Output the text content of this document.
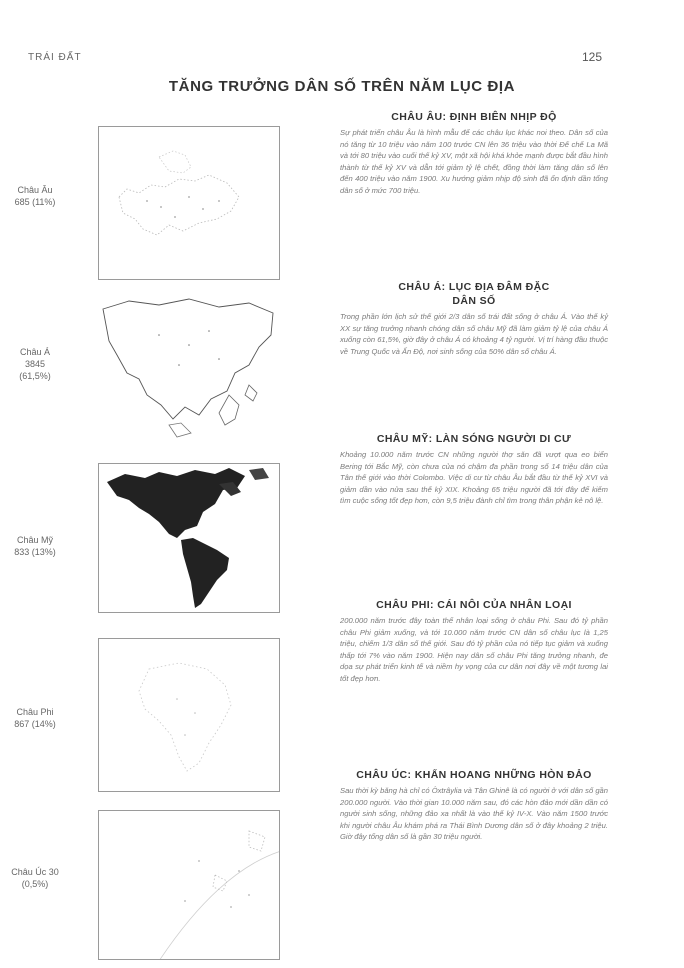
TRÁI ĐẤT	125
TĂNG TRƯỞNG DÂN SỐ TRÊN NĂM LỤC ĐỊA
Châu Âu
685 (11%)
Châu Á
3845
(61,5%)
Châu Mỹ
833 (13%)
Châu Phi
867 (14%)
Châu Úc 30
(0,5%)
CHÂU ÂU: ĐỊNH BIÊN NHỊP ĐỘ
Sự phát triển châu Âu là hình mẫu để các châu lục khác noi theo. Dân số của nó tăng từ 10 triệu vào năm 100 trước CN lên 36 triệu vào thời Đế chế La Mã và tới 80 triệu vào cuối thế kỷ XV, một xã hội khá khỏe mạnh được bắt đầu hình thành từ thế kỷ XV và dẫn tới giảm tỷ lệ chết, đồng thời làm tăng dân số lên đến 400 triệu vào năm 1900. Xu hướng giảm nhịp độ sinh đã ổn định dần tổng dân số ở mức 700 triệu.
CHÂU Á: LỤC ĐỊA ĐÂM ĐẶC
DÂN SỐ
Trong phần lớn lịch sử thế giới 2/3 dân số trái đất sống ở châu Á. Vào thế kỷ XX sự tăng trưởng nhanh chóng dân số châu Mỹ đã làm giảm tỷ lệ của châu Á xuống còn 61,5%, giờ đây ở châu Á có khoảng 4 tỷ người. Vị trí hàng đầu thuộc về Trung Quốc và Ấn Độ, nơi sinh sống của 50% dân số châu Á.
CHÂU MỸ: LÀN SÓNG NGƯỜI DI CƯ
Khoảng 10.000 năm trước CN những người thợ săn đã vượt qua eo biển Bering tới Bắc Mỹ, còn chưa của nó chậm đa phần trong số 14 triệu dân của Tân thế giới vào thời Colombo. Việc di cư từ châu Âu bắt đầu từ thế kỷ XVI và giảm dần vào nửa sau thế kỷ XIX. Khoảng 65 triệu người đã tới đây để kiếm tìm cuộc sống tốt đẹp hơn, còn 9,5 triệu đành chỉ tìm trong thân phận kẻ nô lệ.
CHÂU PHI: CÁI NÔI CỦA NHÂN LOẠI
200.000 năm trước đây toàn thể nhân loại sống ở châu Phi. Sau đó tỷ phần châu Phi giảm xuống, và tới 10.000 năm trước CN dân số châu lục là 1,25 triệu, chiếm 1/3 dân số thế giới. Sau đó tỷ phần của nó tiếp tục giảm và xuống thấp tới 7% vào năm 1900. Hiện nay dân số châu Phi tăng trưởng nhanh, đe dọa sự phát triển kinh tế và niềm hy vọng của cư dân nơi đây về một tương lai tốt đẹp hơn.
CHÂU ÚC: KHẨN HOANG NHỮNG HÒN ĐẢO
Sau thời kỳ băng hà chỉ có Ôxtrâylia và Tân Ghinê là có người ở với dân số gần 200.000 người. Vào thời gian 10.000 năm sau, đó các hòn đảo mới dần dần có người sinh sống, những đảo xa nhất là vào thế kỷ IV-X. Vào năm 1500 trước khi người châu Âu khám phá ra Thái Bình Dương dân số ở đây khoảng 2 triệu. Giờ đây tổng dân số là gần 30 triệu người.
